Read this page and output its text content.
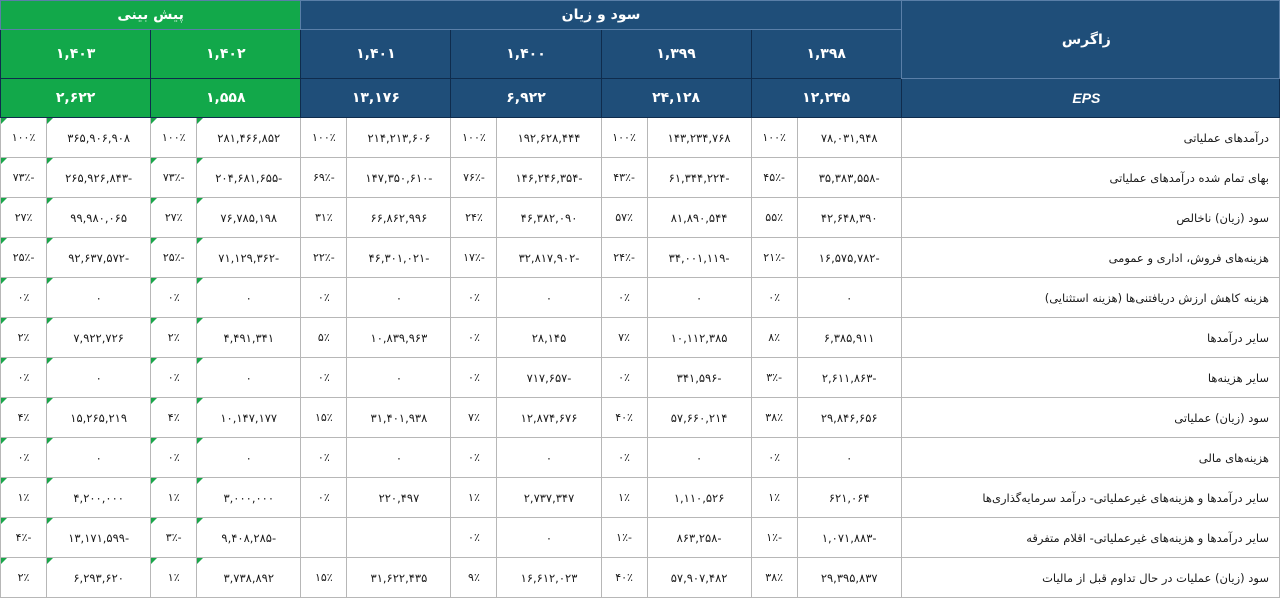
زاگرس	سود و زیان								پیش بینی			
	۱,۳۹۸		۱,۳۹۹		۱,۴۰۰		۱,۴۰۱		۱,۴۰۲		۱,۴۰۳	
EPS	۱۲,۲۴۵		۲۴,۱۲۸		۶,۹۲۲		۱۳,۱۷۶		۱,۵۵۸		۲,۶۲۲	
درآمدهای عملیاتی	۷۸,۰۳۱,۹۴۸	۱۰۰٪	۱۴۳,۲۳۴,۷۶۸	۱۰۰٪	۱۹۲,۶۲۸,۴۴۴	۱۰۰٪	۲۱۴,۲۱۳,۶۰۶	۱۰۰٪	۲۸۱,۴۶۶,۸۵۲	۱۰۰٪	۳۶۵,۹۰۶,۹۰۸	۱۰۰٪
بهای تمام شده درآمدهای عملیاتی	-۳۵,۳۸۳,۵۵۸	-۴۵٪	-۶۱,۳۴۴,۲۲۴	-۴۳٪	-۱۴۶,۲۴۶,۳۵۴	-۷۶٪	-۱۴۷,۳۵۰,۶۱۰	-۶۹٪	-۲۰۴,۶۸۱,۶۵۵	-۷۳٪	-۲۶۵,۹۲۶,۸۴۳	-۷۳٪
سود (زیان) ناخالص	۴۲,۶۴۸,۳۹۰	۵۵٪	۸۱,۸۹۰,۵۴۴	۵۷٪	۴۶,۳۸۲,۰۹۰	۲۴٪	۶۶,۸۶۲,۹۹۶	۳۱٪	۷۶,۷۸۵,۱۹۸	۲۷٪	۹۹,۹۸۰,۰۶۵	۲۷٪
هزینه‌های فروش، اداری و عمومی	-۱۶,۵۷۵,۷۸۲	-۲۱٪	-۳۴,۰۰۱,۱۱۹	-۲۴٪	-۳۲,۸۱۷,۹۰۲	-۱۷٪	-۴۶,۳۰۱,۰۲۱	-۲۲٪	-۷۱,۱۲۹,۳۶۲	-۲۵٪	-۹۲,۶۳۷,۵۷۲	-۲۵٪
هزینه کاهش ارزش دریافتنی‌ها (هزینه استثنایی)	۰	۰٪	۰	۰٪	۰	۰٪	۰	۰٪	۰	۰٪	۰	۰٪
سایر درآمدها	۶,۳۸۵,۹۱۱	۸٪	۱۰,۱۱۲,۳۸۵	۷٪	۲۸,۱۴۵	۰٪	۱۰,۸۳۹,۹۶۳	۵٪	۴,۴۹۱,۳۴۱	۲٪	۷,۹۲۲,۷۲۶	۲٪
سایر هزینه‌ها	-۲,۶۱۱,۸۶۳	-۳٪	-۳۴۱,۵۹۶	۰٪	-۷۱۷,۶۵۷	۰٪	۰	۰٪	۰	۰٪	۰	۰٪
سود (زیان) عملیاتی	۲۹,۸۴۶,۶۵۶	۳۸٪	۵۷,۶۶۰,۲۱۴	۴۰٪	۱۲,۸۷۴,۶۷۶	۷٪	۳۱,۴۰۱,۹۳۸	۱۵٪	۱۰,۱۴۷,۱۷۷	۴٪	۱۵,۲۶۵,۲۱۹	۴٪
هزینه‌های مالی	۰	۰٪	۰	۰٪	۰	۰٪	۰	۰٪	۰	۰٪	۰	۰٪
سایر درآمدها و هزینه‌های غیرعملیاتی- درآمد سرمایه‌گذاری‌ها	۶۲۱,۰۶۴	۱٪	۱,۱۱۰,۵۲۶	۱٪	۲,۷۳۷,۳۴۷	۱٪	۲۲۰,۴۹۷	۰٪	۳,۰۰۰,۰۰۰	۱٪	۴,۲۰۰,۰۰۰	۱٪
سایر درآمدها و هزینه‌های غیرعملیاتی- اقلام متفرقه	-۱,۰۷۱,۸۸۳	-۱٪	-۸۶۳,۲۵۸	-۱٪	۰	۰٪			-۹,۴۰۸,۲۸۵	-۳٪	-۱۳,۱۷۱,۵۹۹	-۴٪
سود (زیان) عملیات در حال تداوم قبل از مالیات	۲۹,۳۹۵,۸۳۷	۳۸٪	۵۷,۹۰۷,۴۸۲	۴۰٪	۱۶,۶۱۲,۰۲۳	۹٪	۳۱,۶۲۲,۴۳۵	۱۵٪	۳,۷۳۸,۸۹۲	۱٪	۶,۲۹۳,۶۲۰	۲٪
